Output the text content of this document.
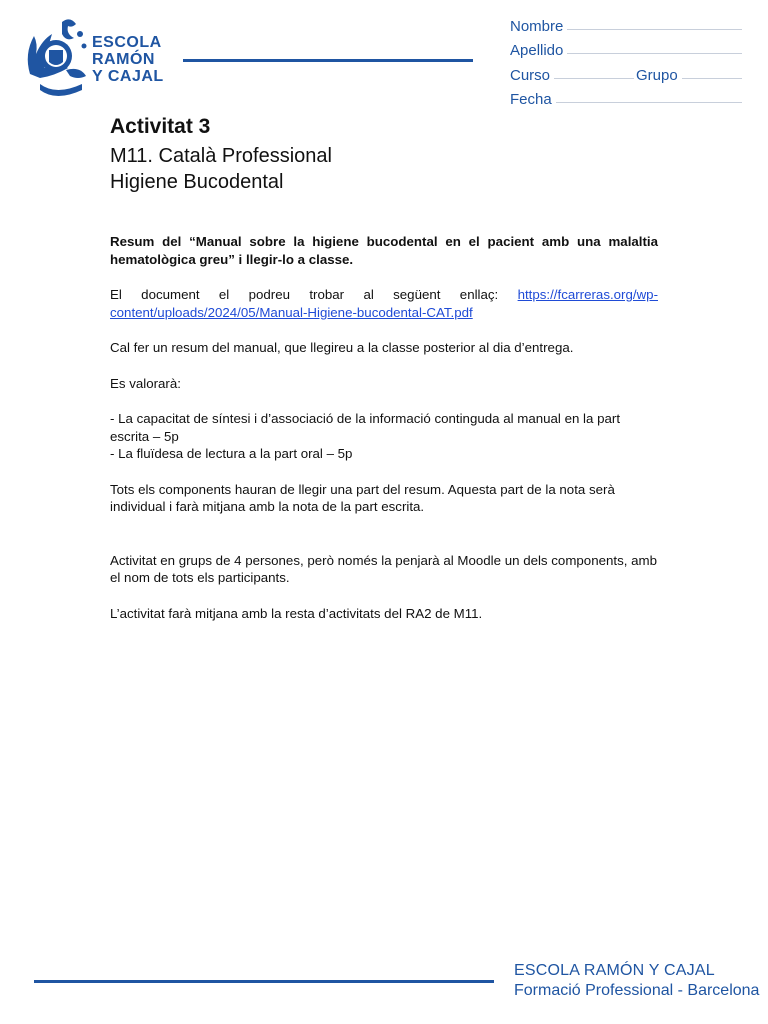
ESCOLA
RAMÓN
Y CAJAL
Nombre
Apellido
Curso	Grupo
Fecha
Activitat 3
M11. Català Professional
Higiene Bucodental

Resum del “Manual sobre la higiene bucodental en el pacient amb una malaltia hematològica greu” i llegir-lo a classe.

El document el podreu trobar al següent enllaç: https://fcarreras.org/wp-content/uploads/2024/05/Manual-Higiene-bucodental-CAT.pdf

Cal fer un resum del manual, que llegireu a la classe posterior al dia d’entrega.

Es valorarà:

- La capacitat de síntesi i d’associació de la informació continguda al manual en la part escrita – 5p

- La fluïdesa de lectura a la part oral – 5p

Tots els components hauran de llegir una part del resum. Aquesta part de la nota serà individual i farà mitjana amb la nota de la part escrita.

Activitat en grups de 4 persones, però només la penjarà al Moodle un dels components, amb el nom de tots els participants.

L’activitat farà mitjana amb la resta d’activitats del RA2 de M11.

ESCOLA RAMÓN Y CAJAL
Formació Professional - Barcelona
